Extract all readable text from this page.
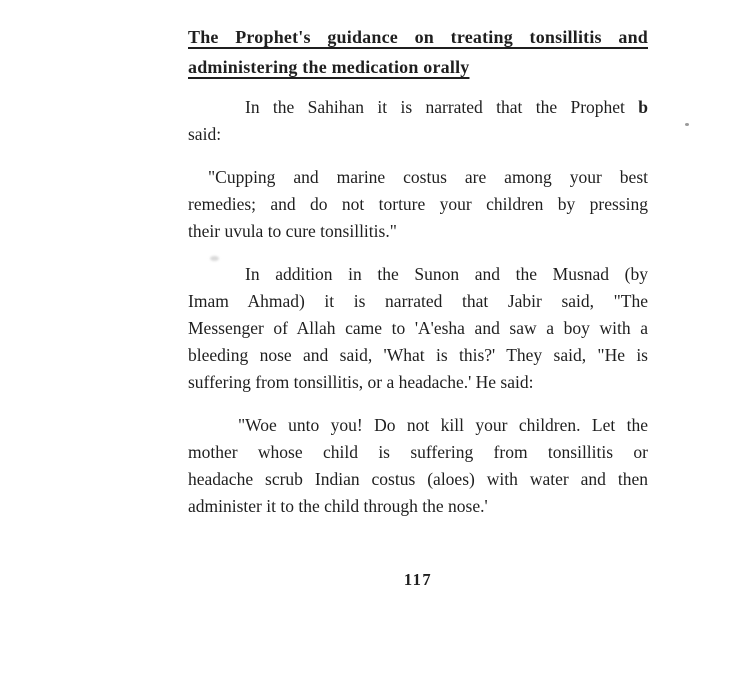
The Prophet's guidance on treating tonsillitis and
administering the medication orally
In the Sahihan it is narrated that the Prophet b
said:
"Cupping and marine costus are among your best
remedies; and do not torture your children by pressing
their uvula to cure tonsillitis."
In addition in the Sunon and the Musnad (by
Imam Ahmad) it is narrated that Jabir said, "The
Messenger of Allah came to 'A'esha and saw a boy with a
bleeding nose and said, 'What is this?' They said, "He is
suffering from tonsillitis, or a headache.' He said:
"Woe unto you! Do not kill your children. Let the
mother whose child is suffering from tonsillitis or
headache scrub Indian costus (aloes) with water and then
administer it to the child through the nose.'
117
